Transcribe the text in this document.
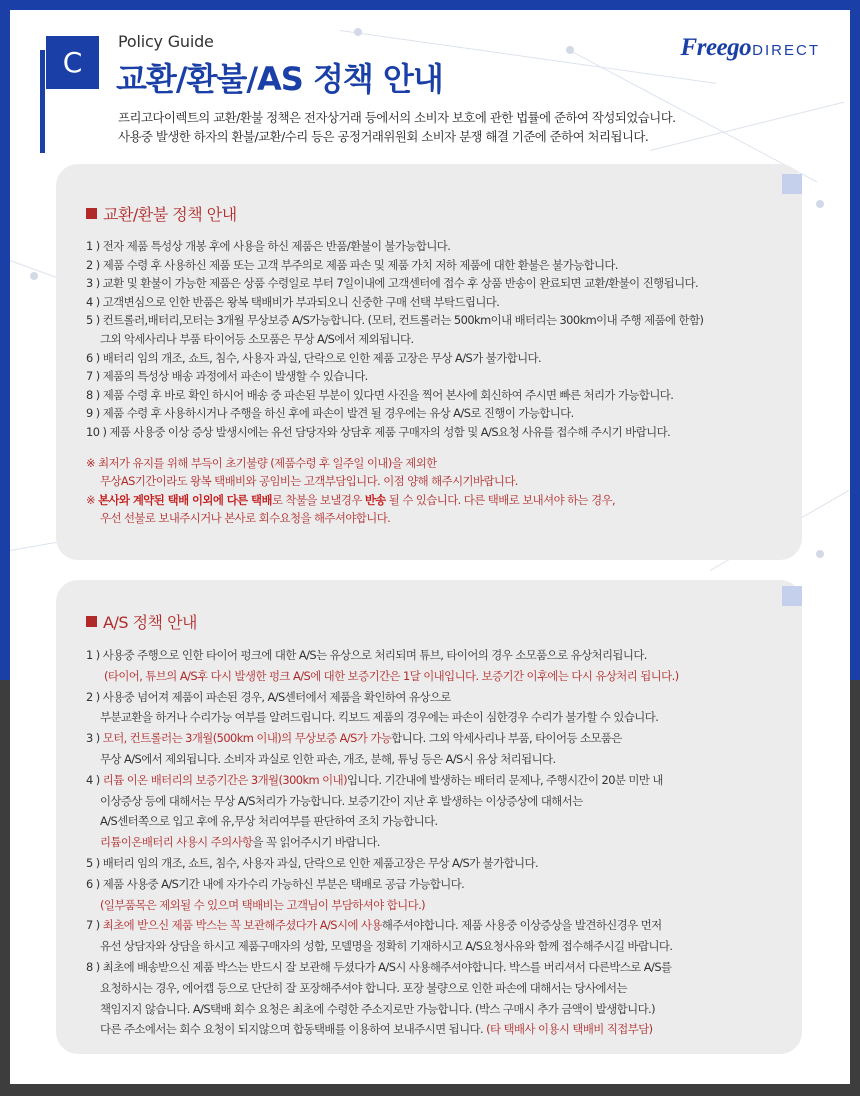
C
Policy Guide
교환/환불/AS 정책 안내
Freego DIRECT
프리고다이렉트의 교환/환불 정책은 전자상거래 등에서의 소비자 보호에 관한 법률에 준하여 작성되었습니다.
사용중 발생한 하자의 환불/교환/수리 등은 공정거래위원회 소비자 분쟁 해결 기준에 준하여 처리됩니다.
교환/환불 정책 안내
1 ) 전자 제품 특성상 개봉 후에 사용을 하신 제품은 반품/환불이 불가능합니다.
2 ) 제품 수령 후 사용하신 제품 또는 고객 부주의로 제품 파손 및 제품 가치 저하 제품에 대한 환불은 불가능합니다.
3 ) 교환 및 환불이 가능한 제품은 상품 수령일로 부터 7일이내에 고객센터에 접수 후 상품 반송이 완료되면 교환/환불이 진행됩니다.
4 ) 고객변심으로 인한 반품은 왕복 택배비가 부과되오니 신중한 구매 선택 부탁드립니다.
5 ) 컨트롤러,배터리,모터는 3개월 무상보증 A/S가능합니다. (모터, 컨트롤러는 500km이내 배터리는 300km이내 주행 제품에 한함)
그외 악세사리나 부품 타이어등 소모품은 무상 A/S에서 제외됩니다.
6 ) 배터리 임의 개조, 쇼트, 침수, 사용자 과실, 단락으로 인한 제품 고장은 무상 A/S가 불가합니다.
7 ) 제품의 특성상 배송 과정에서 파손이 발생할 수 있습니다.
8 ) 제품 수령 후 바로 확인 하시어 배송 중 파손된 부분이 있다면 사진을 찍어 본사에 회신하여 주시면 빠른 처리가 가능합니다.
9 ) 제품 수령 후 사용하시거나 주행을 하신 후에 파손이 발견 될 경우에는 유상 A/S로 진행이 가능합니다.
10 ) 제품 사용중 이상 증상 발생시에는 유선 담당자와 상담후 제품 구매자의 성함 및 A/S요청 사유를 접수해 주시기 바랍니다.
※ 최저가 유지를 위해 부득이 초기불량 (제품수령 후 일주일 이내)을 제외한
무상AS기간이라도 왕복 택배비와 공임비는 고객부담입니다. 이점 양해 해주시기바랍니다.
※ 본사와 계약된 택배 이외에 다른 택배로 착불을 보낼경우 반송 될 수 있습니다. 다른 택배로 보내셔야 하는 경우,
우선 선불로 보내주시거나 본사로 회수요청을 해주셔야합니다.
A/S 정책 안내
1 ) 사용중 주행으로 인한 타이어 펑크에 대한 A/S는 유상으로 처리되며 튜브, 타이어의 경우 소모품으로 유상처리됩니다.
(타이어, 튜브의 A/S후 다시 발생한 펑크 A/S에 대한 보증기간은 1달 이내입니다. 보증기간 이후에는 다시 유상처리 됩니다.)
2 ) 사용중 넘어져 제품이 파손된 경우, A/S센터에서 제품을 확인하여 유상으로
부분교환을 하거나 수리가능 여부를 알려드립니다. 킥보드 제품의 경우에는 파손이 심한경우 수리가 불가할 수 있습니다.
3 ) 모터, 컨트롤러는 3개월(500km 이내)의 무상보증 A/S가 가능합니다. 그외 악세사리나 부품, 타이어등 소모품은
무상 A/S에서 제외됩니다. 소비자 과실로 인한 파손, 개조, 분해, 튜닝 등은 A/S시 유상 처리됩니다.
4 ) 리튬 이온 배터리의 보증기간은 3개월(300km 이내)입니다. 기간내에 발생하는 배터리 문제나, 주행시간이 20분 미만 내
이상증상 등에 대해서는 무상 A/S처리가 가능합니다. 보증기간이 지난 후 발생하는 이상증상에 대해서는
A/S센터쪽으로 입고 후에 유,무상 처리여부를 판단하여 조치 가능합니다.
리튬이온배터리 사용시 주의사항을 꼭 읽어주시기 바랍니다.
5 ) 배터리 임의 개조, 쇼트, 침수, 사용자 과실, 단락으로 인한 제품고장은 무상 A/S가 불가합니다.
6 ) 제품 사용중 A/S기간 내에 자가수리 가능하신 부분은 택배로 공급 가능합니다.
(일부품목은 제외될 수 있으며 택배비는 고객님이 부담하셔야 합니다.)
7 ) 최초에 받으신 제품 박스는 꼭 보관해주셨다가 A/S시에 사용해주셔야합니다. 제품 사용중 이상증상을 발견하신경우 먼저
유선 상담자와 상담을 하시고 제품구매자의 성함, 모델명을 정확히 기재하시고 A/S요청사유와 함께 접수해주시길 바랍니다.
8 ) 최초에 배송받으신 제품 박스는 반드시 잘 보관해 두셨다가 A/S시 사용해주셔야합니다. 박스를 버리셔서 다른박스로 A/S를
요청하시는 경우, 에어캡 등으로 단단히 잘 포장해주셔야 합니다. 포장 불량으로 인한 파손에 대해서는 당사에서는
책임지지 않습니다. A/S택배 회수 요청은 최초에 수령한 주소지로만 가능합니다. (박스 구매시 추가 금액이 발생합니다.)
다른 주소에서는 회수 요청이 되지않으며 합동택배를 이용하여 보내주시면 됩니다. (타 택배사 이용시 택배비 직접부담)
